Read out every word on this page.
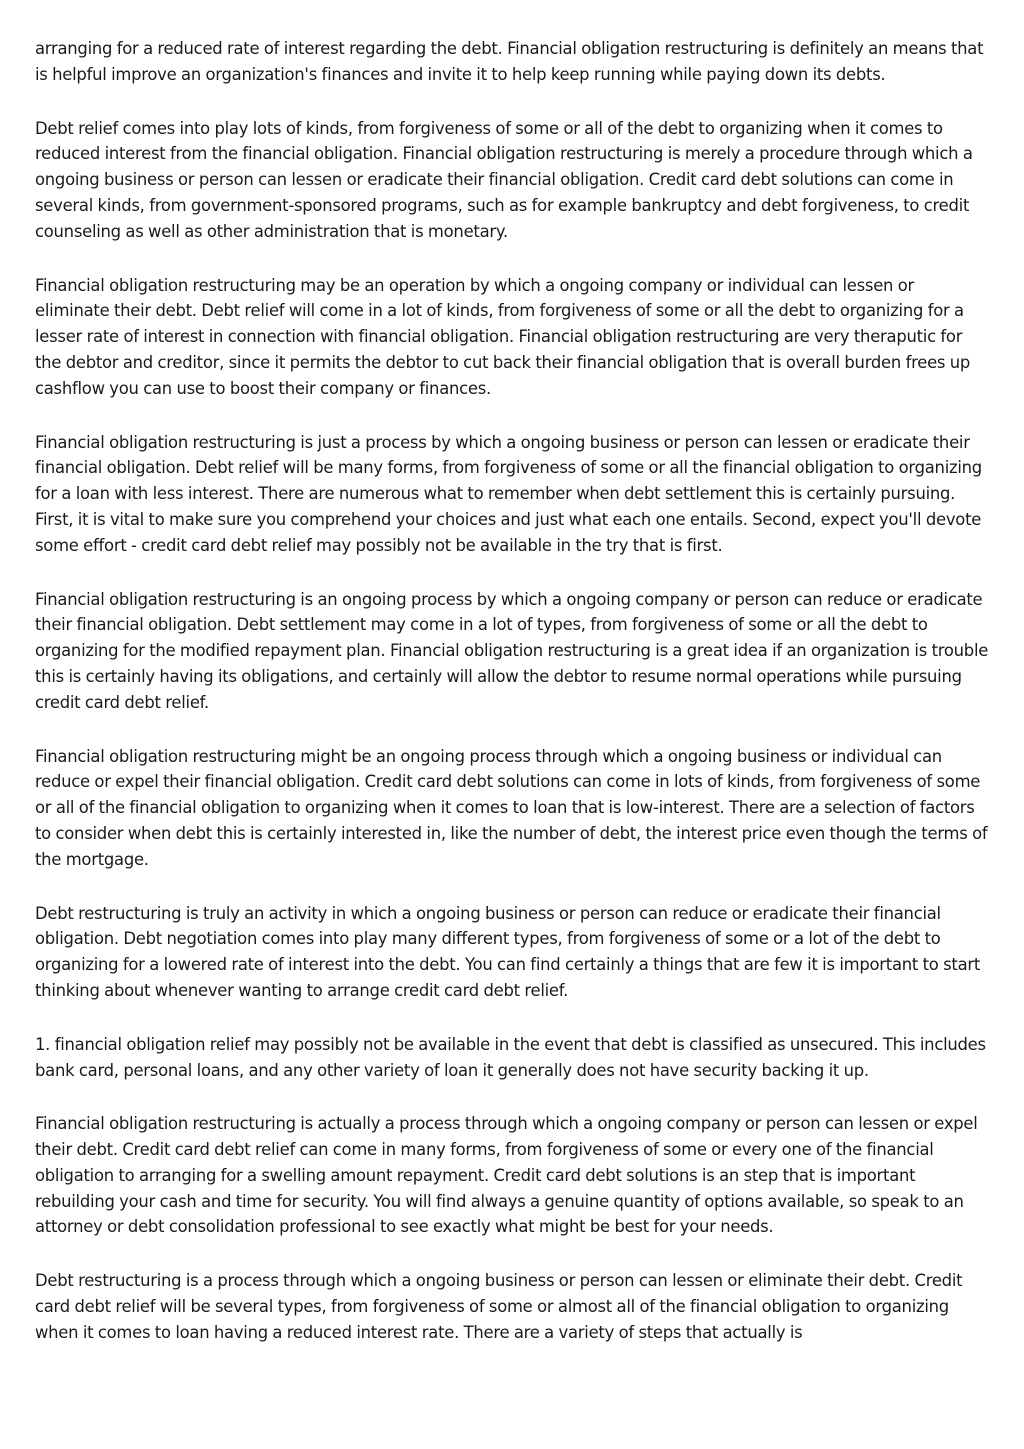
arranging for a reduced rate of interest regarding the debt. Financial obligation restructuring is definitely an means that is helpful improve an organization's finances and invite it to help keep running while paying down its debts.

Debt relief comes into play lots of kinds, from forgiveness of some or all of the debt to organizing when it comes to reduced interest from the financial obligation. Financial obligation restructuring is merely a procedure through which a ongoing business or person can lessen or eradicate their financial obligation. Credit card debt solutions can come in several kinds, from government-sponsored programs, such as for example bankruptcy and debt forgiveness, to credit counseling as well as other administration that is monetary.

Financial obligation restructuring may be an operation by which a ongoing company or individual can lessen or eliminate their debt. Debt relief will come in a lot of kinds, from forgiveness of some or all the debt to organizing for a lesser rate of interest in connection with financial obligation. Financial obligation restructuring are very theraputic for the debtor and creditor, since it permits the debtor to cut back their financial obligation that is overall burden frees up cashflow you can use to boost their company or finances.

Financial obligation restructuring is just a process by which a ongoing business or person can lessen or eradicate their financial obligation. Debt relief will be many forms, from forgiveness of some or all the financial obligation to organizing for a loan with less interest. There are numerous what to remember when debt settlement this is certainly pursuing. First, it is vital to make sure you comprehend your choices and just what each one entails. Second, expect you'll devote some effort - credit card debt relief may possibly not be available in the try that is first.

Financial obligation restructuring is an ongoing process by which a ongoing company or person can reduce or eradicate their financial obligation. Debt settlement may come in a lot of types, from forgiveness of some or all the debt to organizing for the modified repayment plan. Financial obligation restructuring is a great idea if an organization is trouble this is certainly having its obligations, and certainly will allow the debtor to resume normal operations while pursuing credit card debt relief.

Financial obligation restructuring might be an ongoing process through which a ongoing business or individual can reduce or expel their financial obligation. Credit card debt solutions can come in lots of kinds, from forgiveness of some or all of the financial obligation to organizing when it comes to loan that is low-interest. There are a selection of factors to consider when debt this is certainly interested in, like the number of debt, the interest price even though the terms of the mortgage.

Debt restructuring is truly an activity in which a ongoing business or person can reduce or eradicate their financial obligation. Debt negotiation comes into play many different types, from forgiveness of some or a lot of the debt to organizing for a lowered rate of interest into the debt. You can find certainly a things that are few it is important to start thinking about whenever wanting to arrange credit card debt relief.

1. financial obligation relief may possibly not be available in the event that debt is classified as unsecured. This includes bank card, personal loans, and any other variety of loan it generally does not have security backing it up.

Financial obligation restructuring is actually a process through which a ongoing company or person can lessen or expel their debt. Credit card debt relief can come in many forms, from forgiveness of some or every one of the financial obligation to arranging for a swelling amount repayment. Credit card debt solutions is an step that is important rebuilding your cash and time for security. You will find always a genuine quantity of options available, so speak to an attorney or debt consolidation professional to see exactly what might be best for your needs.

Debt restructuring is a process through which a ongoing business or person can lessen or eliminate their debt. Credit card debt relief will be several types, from forgiveness of some or almost all of the financial obligation to organizing when it comes to loan having a reduced interest rate. There are a variety of steps that actually is
